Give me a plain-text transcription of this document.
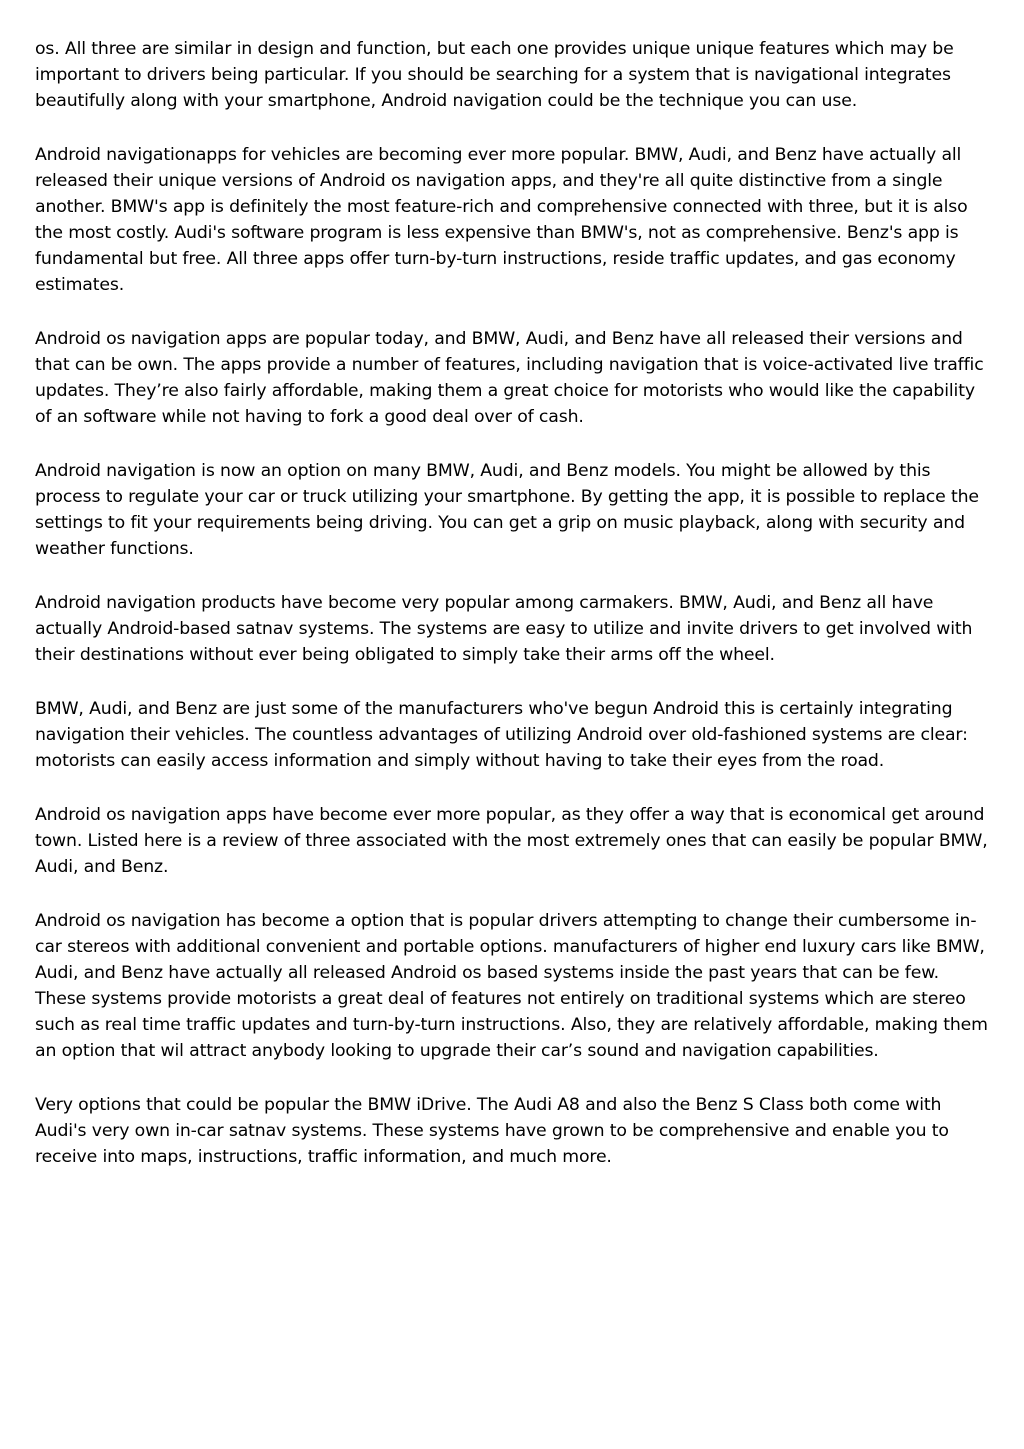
os. All three are similar in design and function, but each one provides unique unique features which may be important to drivers being particular. If you should be searching for a system that is navigational integrates beautifully along with your smartphone, Android navigation could be the technique you can use.

Android navigationapps for vehicles are becoming ever more popular. BMW, Audi, and Benz have actually all released their unique versions of Android os navigation apps, and they're all quite distinctive from a single another. BMW's app is definitely the most feature-rich and comprehensive connected with three, but it is also the most costly. Audi's software program is less expensive than BMW's, not as comprehensive. Benz's app is fundamental but free. All three apps offer turn-by-turn instructions, reside traffic updates, and gas economy estimates.

Android os navigation apps are popular today, and BMW, Audi, and Benz have all released their versions and that can be own. The apps provide a number of features, including navigation that is voice-activated live traffic updates. They’re also fairly affordable, making them a great choice for motorists who would like the capability of an software while not having to fork a good deal over of cash.

Android navigation is now an option on many BMW, Audi, and Benz models. You might be allowed by this process to regulate your car or truck utilizing your smartphone. By getting the app, it is possible to replace the settings to fit your requirements being driving. You can get a grip on music playback, along with security and weather functions.

Android navigation products have become very popular among carmakers. BMW, Audi, and Benz all have actually Android-based satnav systems. The systems are easy to utilize and invite drivers to get involved with their destinations without ever being obligated to simply take their arms off the wheel.

BMW, Audi, and Benz are just some of the manufacturers who've begun Android this is certainly integrating navigation their vehicles. The countless advantages of utilizing Android over old-fashioned systems are clear: motorists can easily access information and simply without having to take their eyes from the road.

Android os navigation apps have become ever more popular, as they offer a way that is economical get around town. Listed here is a review of three associated with the most extremely ones that can easily be popular BMW, Audi, and Benz.

Android os navigation has become a option that is popular drivers attempting to change their cumbersome in-car stereos with additional convenient and portable options. manufacturers of higher end luxury cars like BMW, Audi, and Benz have actually all released Android os based systems inside the past years that can be few. These systems provide motorists a great deal of features not entirely on traditional systems which are stereo such as real time traffic updates and turn-by-turn instructions. Also, they are relatively affordable, making them an option that wil attract anybody looking to upgrade their car’s sound and navigation capabilities.

Very options that could be popular the BMW iDrive. The Audi A8 and also the Benz S Class both come with Audi's very own in-car satnav systems. These systems have grown to be comprehensive and enable you to receive into maps, instructions, traffic information, and much more.
